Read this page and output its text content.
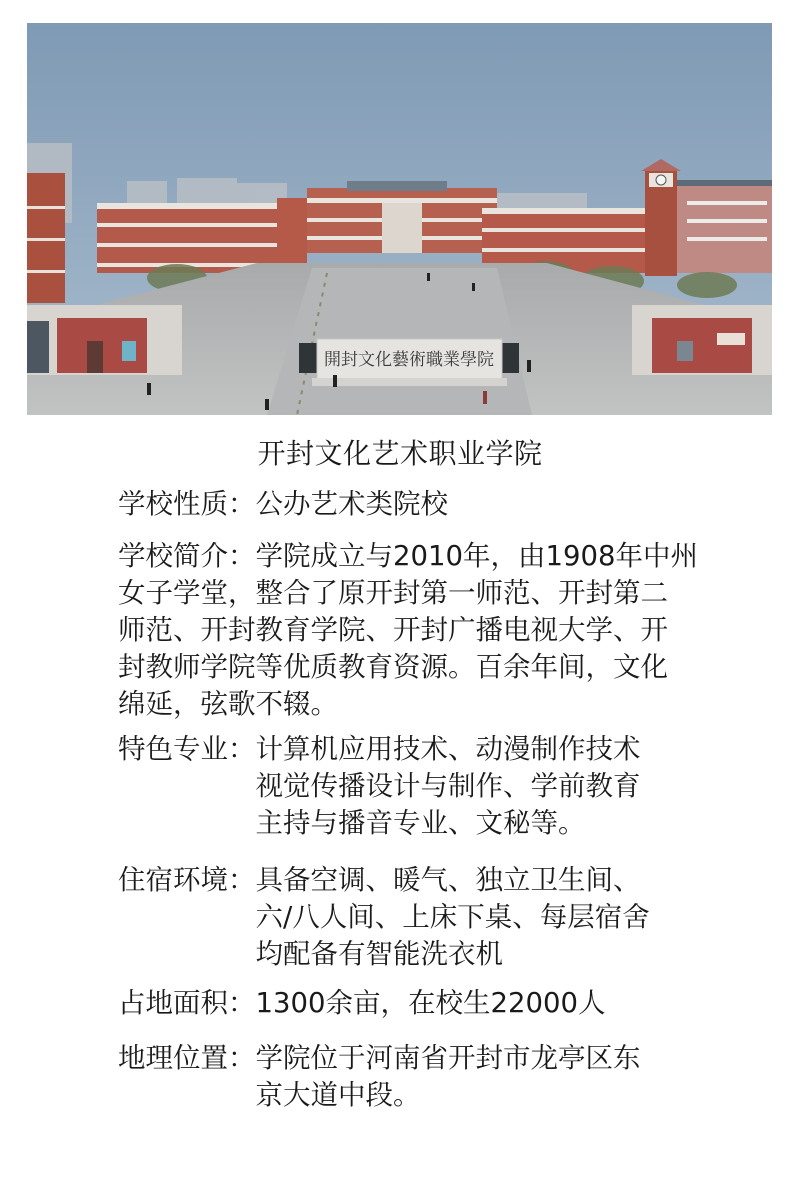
開封文化藝術職業學院
开封文化艺术职业学院
学校性质： 公办艺术类院校
学校简介：学院成立与2010年，由1908年中州
女子学堂，整合了原开封第一师范、开封第二
师范、开封教育学院、开封广播电视大学、开
封教师学院等优质教育资源。百余年间，文化
绵延，弦歌不辍。
特色专业： 计算机应用技术、动漫制作技术
视觉传播设计与制作、学前教育
主持与播音专业、文秘等。
住宿环境： 具备空调、暖气、独立卫生间、
六/八人间、上床下桌、每层宿舍
均配备有智能洗衣机
占地面积： 1300余亩，在校生22000人
地理位置： 学院位于河南省开封市龙亭区东
京大道中段。
